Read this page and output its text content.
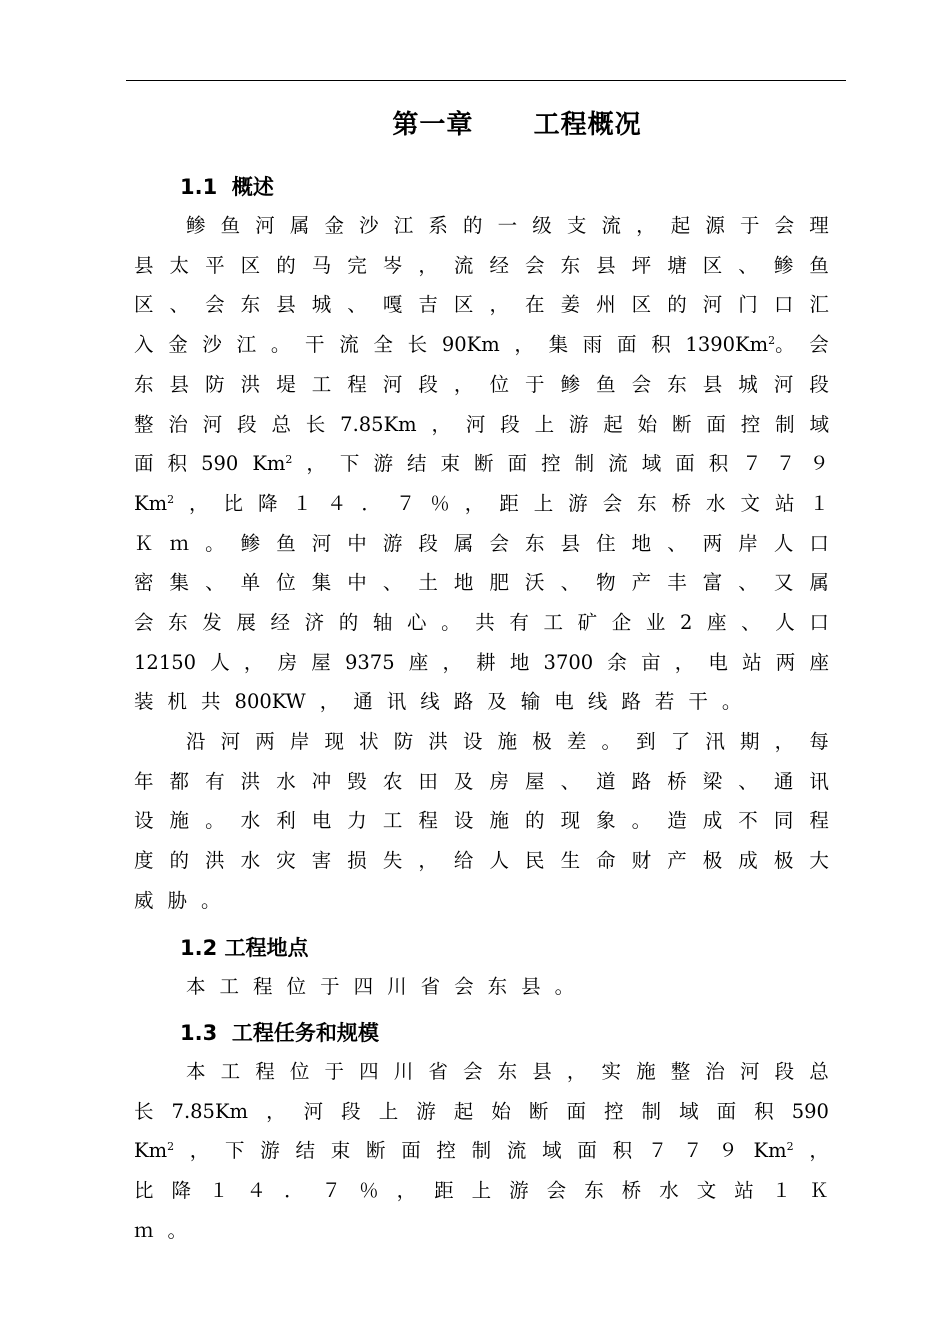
第一章      工程概况
1.1  概述
鲹 鱼 河 属 金 沙 江 系 的 一 级 支 流 ， 起 源 于 会 理
县 太 平 区 的 马 完 岑 ， 流 经 会 东 县 坪 塘 区 、 鲹 鱼
区 、 会 东 县 城 、 嘎 吉 区 ， 在 姜 州 区 的 河 门 口 汇
入 金 沙 江 。 干 流 全 长 90Km ， 集 雨 面 积 1390Km$^2$。 会
东 县 防 洪 堤 工 程 河 段 ， 位 于 鲹 鱼 会 东 县 城 河 段
整 治 河 段 总 长 7.85Km ， 河 段 上 游 起 始 断 面 控 制 域
面 积 590 Km$^2$ ， 下 游 结 束 断 面 控 制 流 域 面 积 ７ ７ ９
Km$^2$ ， 比 降 １ ４ ． ７ ％ ， 距 上 游 会 东 桥 水 文 站 １
Ｋ ｍ 。 鲹 鱼 河 中 游 段 属 会 东 县 住 地 、 两 岸 人 口
密 集 、 单 位 集 中 、 土 地 肥 沃 、 物 产 丰 富 、 又 属
会 东 发 展 经 济 的 轴 心 。 共 有 工 矿 企 业 2 座 、 人 口
12150 人 ， 房 屋 9375 座 ， 耕 地 3700 余 亩 ， 电 站 两 座
装 机 共 800KW ， 通 讯 线 路 及 输 电 线 路 若 干 。
沿 河 两 岸 现 状 防 洪 设 施 极 差 。 到 了 汛 期 ， 每
年 都 有 洪 水 冲 毁 农 田 及 房 屋 、 道 路 桥 梁 、 通 讯
设 施 。 水 利 电 力 工 程 设 施 的 现 象 。 造 成 不 同 程
度 的 洪 水 灾 害 损 失 ， 给 人 民 生 命 财 产 极 成 极 大
威 胁 。
1.2 工程地点
本 工 程 位 于 四 川 省 会 东 县 。
1.3  工程任务和规模
本 工 程 位 于 四 川 省 会 东 县 ， 实 施 整 治 河 段 总
长 7.85Km ， 河 段 上 游 起 始 断 面 控 制 域 面 积 590
Km$^2$ ， 下 游 结 束 断 面 控 制 流 域 面 积 ７ ７ ９ Km$^2$ ，
比 降 １ ４ ． ７ ％ ， 距 上 游 会 东 桥 水 文 站 １ Ｋ
ｍ 。
